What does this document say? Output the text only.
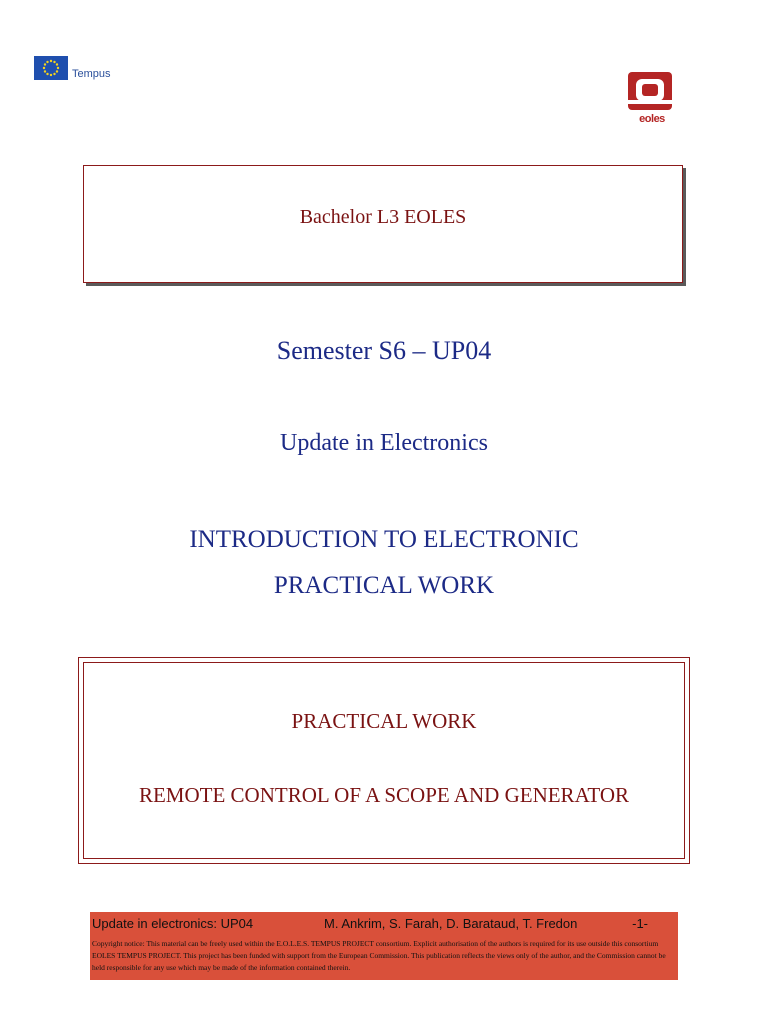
Tempus
eoles
Bachelor L3 EOLES
Semester S6 – UP04
Update in Electronics
INTRODUCTION TO ELECTRONIC
PRACTICAL WORK
PRACTICAL WORK
REMOTE CONTROL OF A SCOPE AND GENERATOR
Update in electronics: UP04	M. Ankrim, S. Farah, D. Barataud, T. Fredon	-1-
Copyright notice: This material can be freely used within the E.O.L.E.S. TEMPUS PROJECT consortium. Explicit authorisation of the authors is required for its use outside this consortium EOLES TEMPUS PROJECT. This project has been funded with support from the European Commission. This publication reflects the views only of the author, and the Commission cannot be held responsible for any use which may be made of the information contained therein.
